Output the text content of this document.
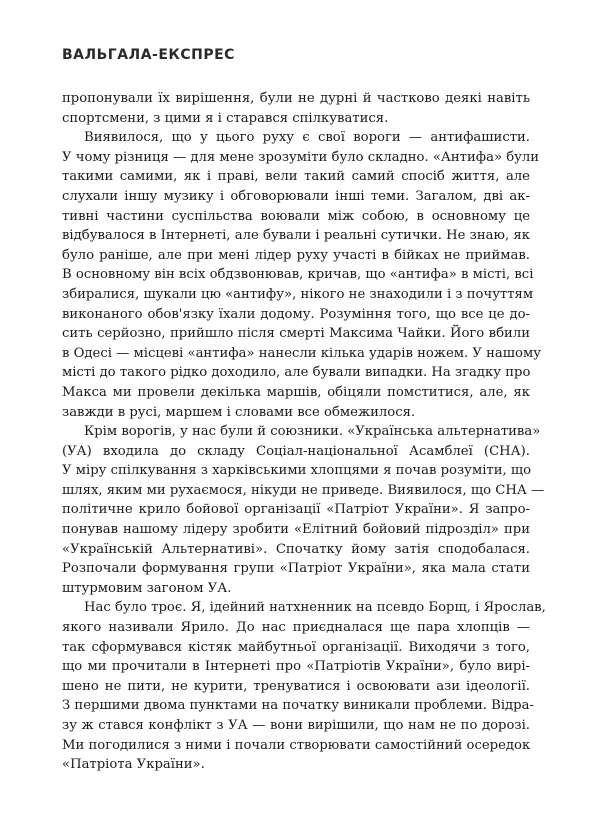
ВАЛЬГАЛА-ЕКСПРЕС
пропонували їх вирішення, були не дурні й частково деякі навіть
спортсмени, з цими я і старався спілкуватися.
Виявилося, що у цього руху є свої вороги — антифашисти.
У чому різниця — для мене зрозуміти було складно. «Антифа» були
такими самими, як і праві, вели такий самий спосіб життя, але
слухали іншу музику і обговорювали інші теми. Загалом, дві ак-
тивні частини суспільства воювали між собою, в основному це
відбувалося в Інтернеті, але бували і реальні сутички. Не знаю, як
було раніше, але при мені лідер руху участі в бійках не приймав.
В основному він всіх обдзвонював, кричав, що «антифа» в місті, всі
збиралися, шукали цю «антифу», нікого не знаходили і з почуттям
виконаного обов'язку їхали додому. Розуміння того, що все це до-
сить серйозно, прийшло після смерті Максима Чайки. Його вбили
в Одесі — місцеві «антифа» нанесли кілька ударів ножем. У нашому
місті до такого рідко доходило, але бували випадки. На згадку про
Макса ми провели декілька маршів, обіцяли помститися, але, як
завжди в русі, маршем і словами все обмежилося.
Крім ворогів, у нас були й союзники. «Українська альтернатива»
(УА) входила до складу Соціал-національної Асамблеї (СНА).
У міру спілкування з харківськими хлопцями я почав розуміти, що
шлях, яким ми рухаємося, нікуди не приведе. Виявилося, що СНА —
політичне крило бойової організації «Патріот України». Я запро-
понував нашому лідеру зробити «Елітний бойовий підрозділ» при
«Українській Альтернативі». Спочатку йому затія сподобалася.
Розпочали формування групи «Патріот України», яка мала стати
штурмовим загоном УА.
Нас було троє. Я, ідейний натхненник на псевдо Борщ, і Ярослав,
якого називали Ярило. До нас приєдналася ще пара хлопців —
так сформувався кістяк майбутньої організації. Виходячи з того,
що ми прочитали в Інтернеті про «Патріотів України», було вирі-
шено не пити, не курити, тренуватися і освоювати ази ідеології.
З першими двома пунктами на початку виникали проблеми. Відра-
зу ж стався конфлікт з УА — вони вирішили, що нам не по дорозі.
Ми погодилися з ними і почали створювати самостійний осередок
«Патріота України».
